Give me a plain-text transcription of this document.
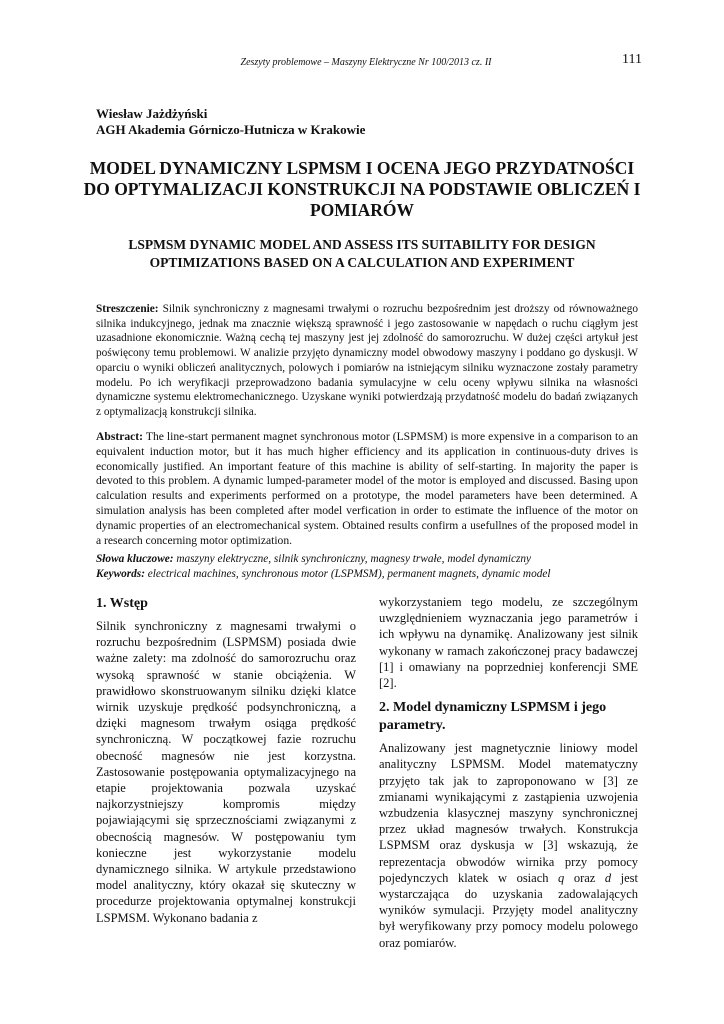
Zeszyty problemowe – Maszyny Elektryczne Nr 100/2013 cz. II	111
Wiesław Jażdżyński
AGH Akademia Górniczo-Hutnicza w Krakowie
MODEL DYNAMICZNY LSPMSM I OCENA JEGO PRZYDATNOŚCI DO OPTYMALIZACJI KONSTRUKCJI NA PODSTAWIE OBLICZEŃ I POMIARÓW
LSPMSM DYNAMIC MODEL AND ASSESS ITS SUITABILITY FOR DESIGN OPTIMIZATIONS BASED ON A CALCULATION AND EXPERIMENT
Streszczenie: Silnik synchroniczny z magnesami trwałymi o rozruchu bezpośrednim jest droższy od równoważnego silnika indukcyjnego, jednak ma znacznie większą sprawność i jego zastosowanie w napędach o ruchu ciągłym jest uzasadnione ekonomicznie. Ważną cechą tej maszyny jest jej zdolność do samorozruchu. W dużej części artykuł jest poświęcony temu problemowi. W analizie przyjęto dynamiczny model obwodowy maszyny i poddano go dyskusji. W oparciu o wyniki obliczeń analitycznych, polowych i pomiarów na istniejącym silniku wyznaczone zostały parametry modelu. Po ich weryfikacji przeprowadzono badania symulacyjne w celu oceny wpływu silnika na własności dynamiczne systemu elektromechanicznego. Uzyskane wyniki potwierdzają przydatność modelu do badań związanych z optymalizacją konstrukcji silnika.
Abstract: The line-start permanent magnet synchronous motor (LSPMSM) is more expensive in a comparison to an equivalent induction motor, but it has much higher efficiency and its application in continuous-duty drives is economically justified. An important feature of this machine is ability of self-starting. In majority the paper is devoted to this problem. A dynamic lumped-parameter model of the motor is employed and discussed. Basing upon calculation results and experiments performed on a prototype, the model parameters have been determined. A simulation analysis has been completed after model verfication in order to estimate the influence of the motor on dynamic properties of an electromechanical system. Obtained results confirm a usefullnes of the proposed model in a research concerning motor optimization.
Słowa kluczowe: maszyny elektryczne, silnik synchroniczny, magnesy trwałe, model dynamiczny
Keywords: electrical machines, synchronous motor (LSPMSM), permanent magnets, dynamic model
1. Wstęp

Silnik synchroniczny z magnesami trwałymi o rozruchu bezpośrednim (LSPMSM) posiada dwie ważne zalety: ma zdolność do samorozruchu oraz wysoką sprawność w stanie obciążenia. W prawidłowo skonstruowanym silniku dzięki klatce wirnik uzyskuje prędkość podsynchroniczną, a dzięki magnesom trwałym osiąga prędkość synchroniczną. W początkowej fazie rozruchu obecność magnesów nie jest korzystna. Zastosowanie postępowania optymalizacyjnego na etapie projektowania pozwala uzyskać najkorzystniejszy kompromis między pojawiającymi się sprzecznościami związanymi z obecnością magnesów. W postępowaniu tym konieczne jest wykorzystanie modelu dynamicznego silnika. W artykule przedstawiono model analityczny, który okazał się skuteczny w procedurze projektowania optymalnej konstrukcji LSPMSM. Wykonano badania z

wykorzystaniem tego modelu, ze szczególnym uwzględnieniem wyznaczania jego parametrów i ich wpływu na dynamikę. Analizowany jest silnik wykonany w ramach zakończonej pracy badawczej [1] i omawiany na poprzedniej konferencji SME [2].

2. Model dynamiczny LSPMSM i jego parametry.

Analizowany jest magnetycznie liniowy model analityczny LSPMSM. Model matematyczny przyjęto tak jak to zaproponowano w [3] ze zmianami wynikającymi z zastąpienia uzwojenia wzbudzenia klasycznej maszyny synchronicznej przez układ magnesów trwałych. Konstrukcja LSPMSM oraz dyskusja w [3] wskazują, że reprezentacja obwodów wirnika przy pomocy pojedynczych klatek w osiach q oraz d jest wystarczająca do uzyskania zadowalających wyników symulacji. Przyjęty model analityczny był weryfikowany przy pomocy modelu polowego oraz pomiarów.
